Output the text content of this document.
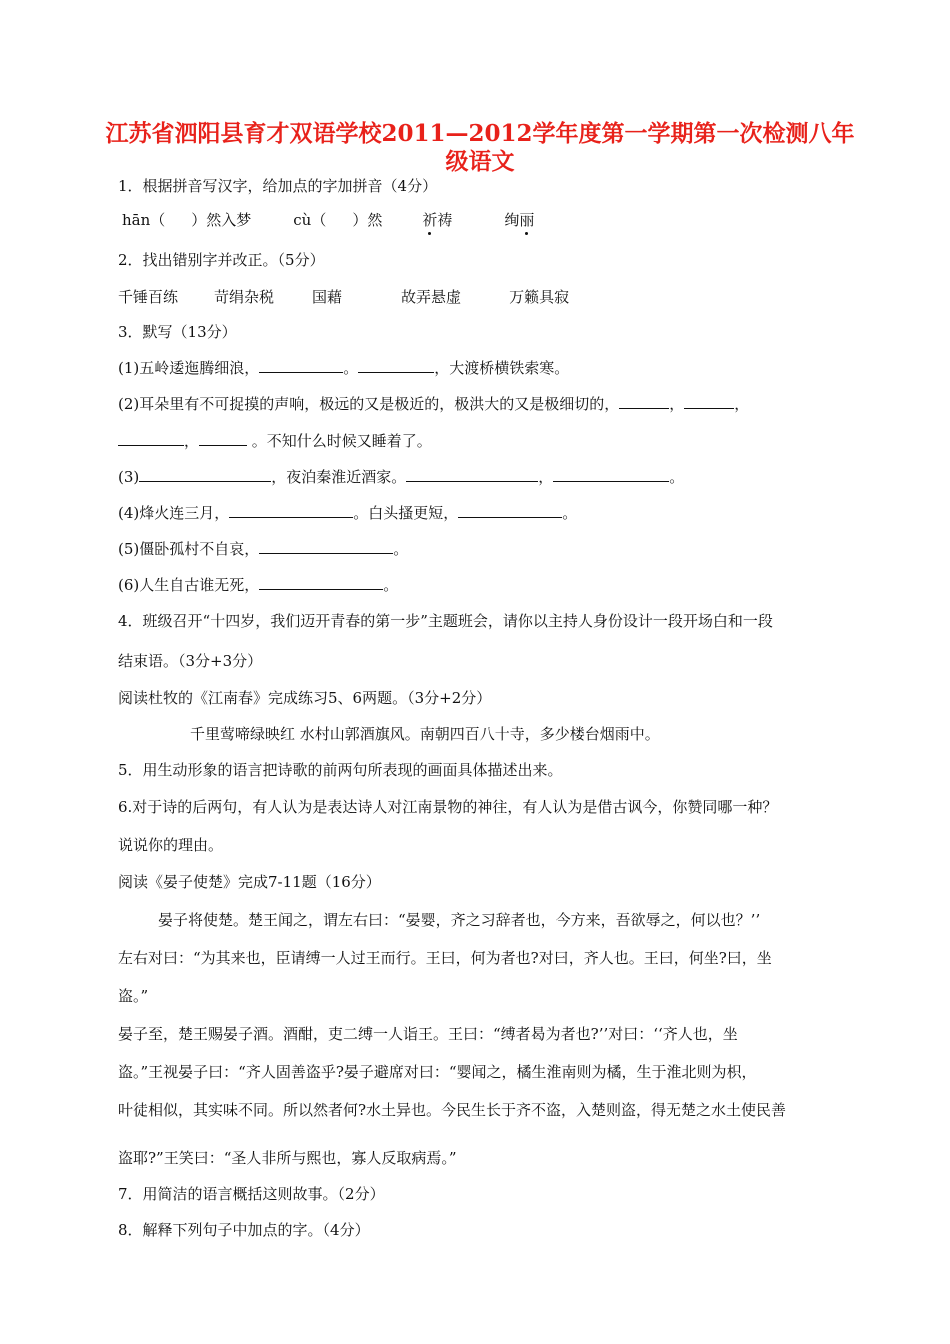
江苏省泗阳县育才双语学校2011—2012学年度第一学期第一次检测八年级语文
1．根据拼音写汉字，给加点的字加拼音（4分）
hān（ ）然入梦	cù（ ）然	祈祷	绚丽
2．找出错别字并改正。（5分）
千锤百练 苛绢杂税	国藉	故弄悬虚	万籁具寂
3．默写（13分）
(1)五岭逶迤腾细浪，	。	，大渡桥横铁索寒。
(2)耳朵里有不可捉摸的声响，极远的又是极近的，极洪大的又是极细切的，	，	，
，	。不知什么时候又睡着了。
(3)	，夜泊秦淮近酒家。	，	。
(4)烽火连三月，	。白头搔更短，	。
(5)僵卧孤村不自哀，	。
(6)人生自古谁无死，	。
4．班级召开“十四岁，我们迈开青春的第一步”主题班会，请你以主持人身份设计一段开场白和一段
结束语。（3分+3分）
阅读杜牧的《江南春》完成练习5、6两题。（3分+2分）
千里莺啼绿映红 水村山郭酒旗风。南朝四百八十寺，多少楼台烟雨中。
5．用生动形象的语言把诗歌的前两句所表现的画面具体描述出来。
6.对于诗的后两句，有人认为是表达诗人对江南景物的神往，有人认为是借古讽今，你赞同哪一种？
说说你的理由。
阅读《晏子使楚》完成7-11题（16分）
晏子将使楚。楚王闻之，谓左右曰：“晏婴，齐之习辞者也，今方来，吾欲辱之，何以也？’’
左右对曰：“为其来也，臣请缚一人过王而行。王曰，何为者也?对曰，齐人也。王曰，何坐?曰，坐
盗。”
晏子至，楚王赐晏子酒。酒酣，吏二缚一人诣王。王曰：“缚者曷为者也?’’对曰：‘‘齐人也，坐
盗。”王视晏子曰：“齐人固善盗乎?晏子避席对曰：“婴闻之，橘生淮南则为橘，生于淮北则为枳，
叶徒相似，其实味不同。所以然者何?水土异也。今民生长于齐不盗，入楚则盗，得无楚之水土使民善
盗耶?”王笑曰：“圣人非所与熙也，寡人反取病焉。”
7．用简洁的语言概括这则故事。（2分）
8．解释下列句子中加点的字。（4分）
